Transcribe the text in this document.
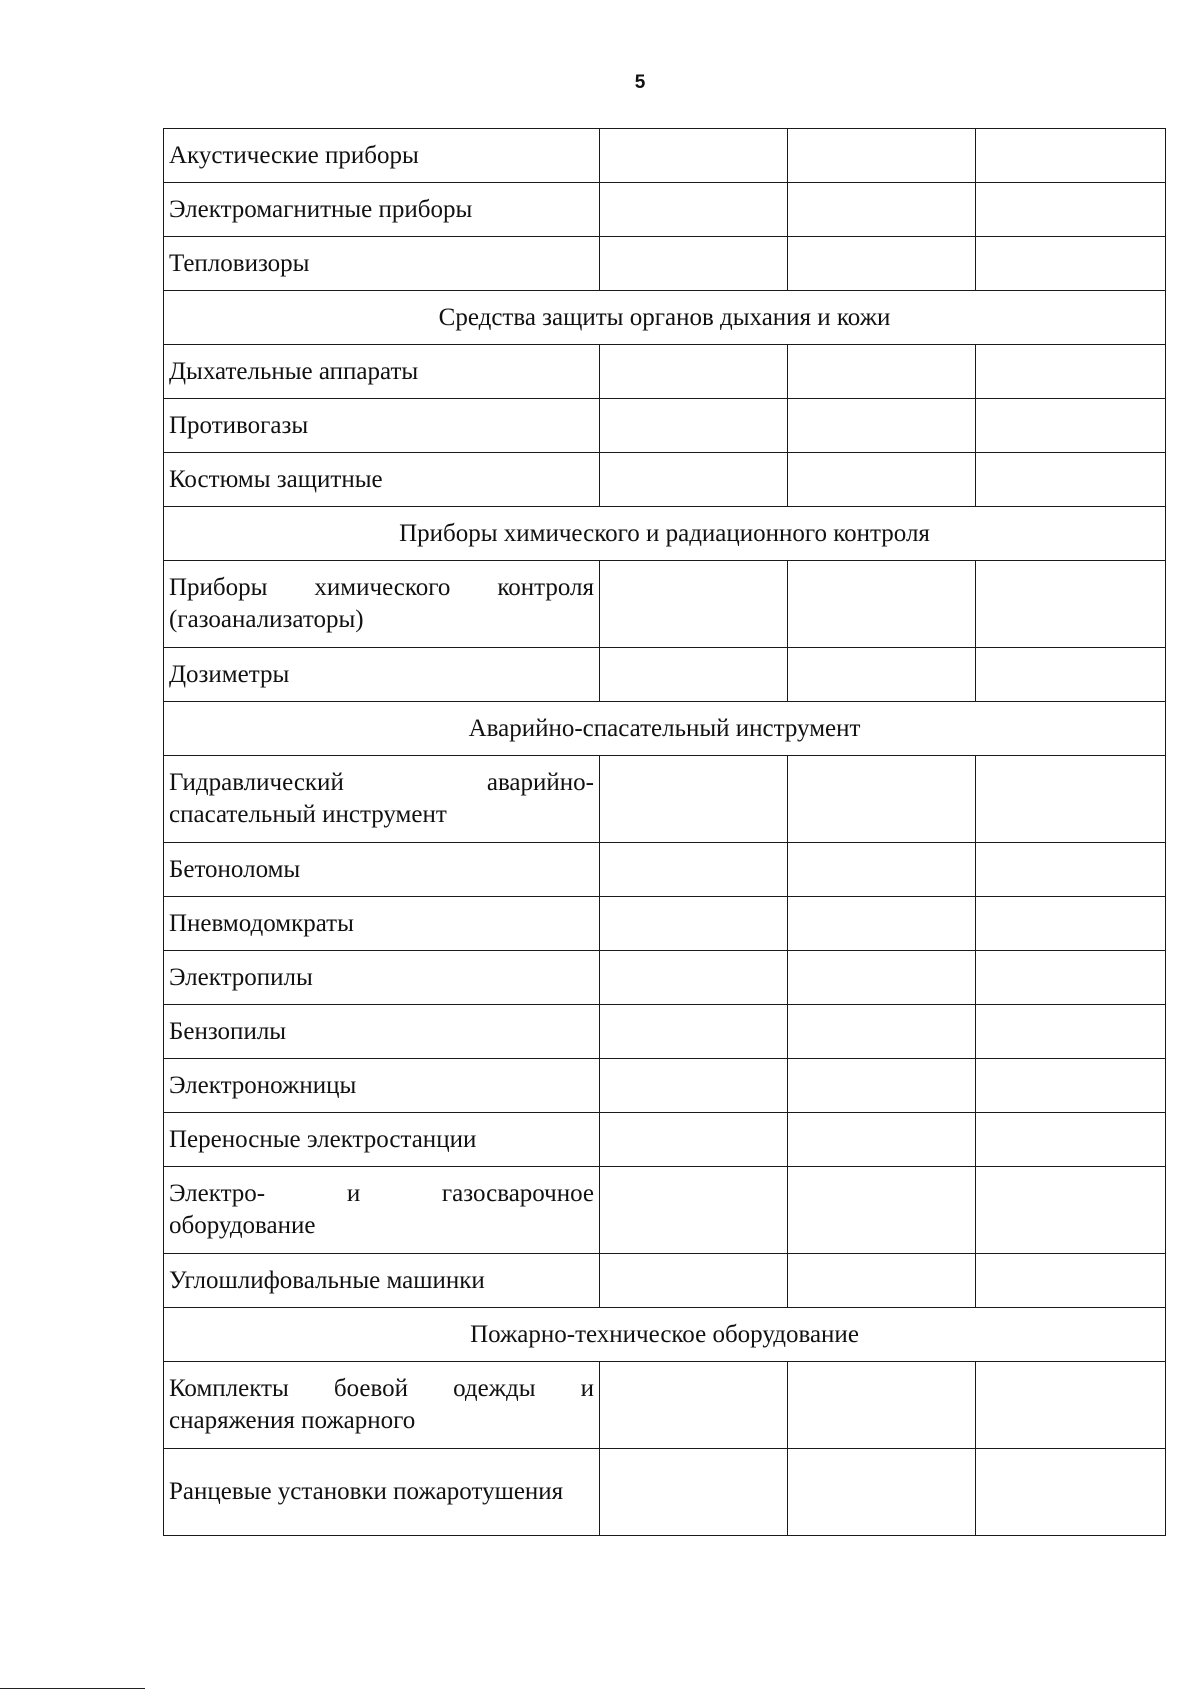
5
Акустические приборы			
Электромагнитные приборы			
Тепловизоры			
Средства защиты органов дыхания и кожи			
Дыхательные аппараты			
Противогазы			
Костюмы защитные			
Приборы химического и радиационного контроля			
Приборы химического контроля (газоанализаторы)			
Дозиметры			
Аварийно-спасательный инструмент			
Гидравлический аварийно-спасательный инструмент			
Бетоноломы			
Пневмодомкраты			
Электропилы			
Бензопилы			
Электроножницы			
Переносные электростанции			
Электро- и газосварочное оборудование			
Углошлифовальные машинки			
Пожарно-техническое оборудование			
Комплекты боевой одежды и снаряжения пожарного			
Ранцевые установки пожаротушения			
